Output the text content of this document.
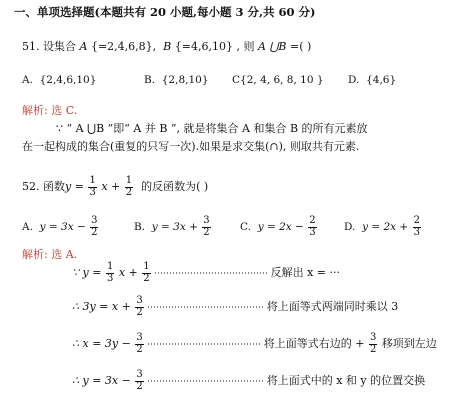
一、单项选择题(本题共有 20 小题,每小题 3 分,共 60 分)
51. 设集合 A {=2,4,6,8}, B {=4,6,10} , 则 A ⋃B =( )
A. {2,4,6,10}	B. {2,8,10} C{2, 4, 6, 8, 10 } D. {4,6}
解析: 选 C.
∵ “ A ⋃B ”即“ A 并 B ”, 就是将集合 A 和集合 B 的所有元素放
在一起构成的集合(重复的只写一次).如果是求交集(∩), 则取共有元素.
52. 函数$y = \frac{1}{3}$ $x + \frac{1}{2}$ 的反函数为( )
A. $y = 3x - \frac{3}{2}$	B. $y = 3x + \frac{3}{2}$	C. $y = 2x - \frac{2}{3}$	D. $y = 2x + \frac{2}{3}$
解析: 选 A.
∵ $y = \frac{1}{3}$ $x + \frac{1}{2}$	反解出 x = ···
∴ $3y = x + \frac{3}{2}$	将上面等式两端同时乘以 3
∴ $x = 3y - \frac{3}{2}$	将上面等式右边的 + $\frac{3}{2}$ 移项到左边
∴ $y = 3x - \frac{3}{2}$	将上面式中的 x 和 y 的位置交换
